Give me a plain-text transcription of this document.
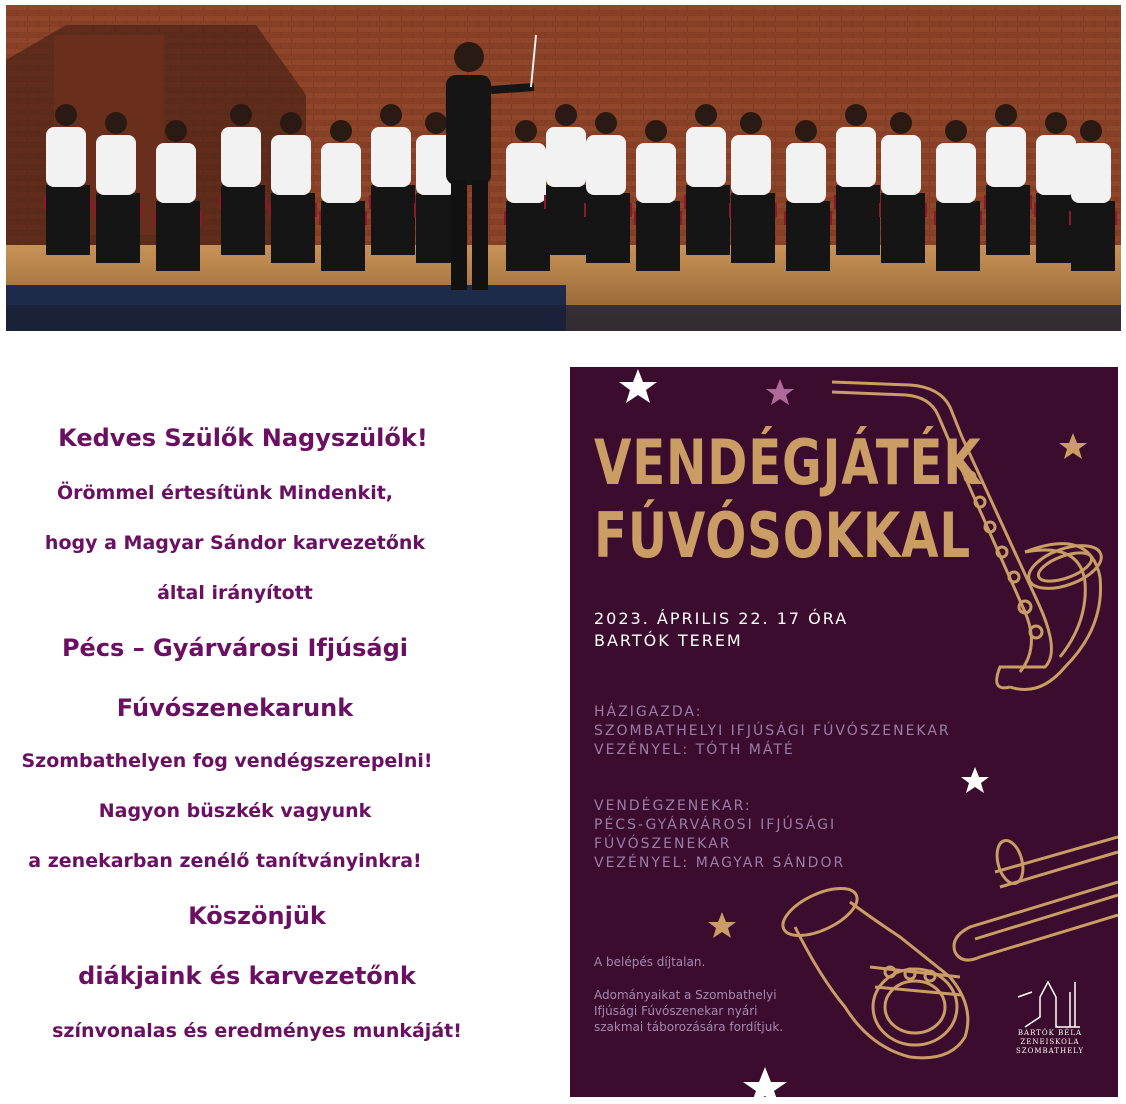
Kedves Szülők Nagyszülők!
Örömmel értesítünk Mindenkit,
hogy a Magyar Sándor karvezetőnk
által irányított
Pécs – Gyárvárosi Ifjúsági
Fúvószenekarunk
Szombathelyen fog vendégszerepelni!
Nagyon büszkék vagyunk
a zenekarban zenélő tanítványinkra!
Köszönjük
diákjaink és karvezetőnk
színvonalas és eredményes munkáját!
VENDÉGJÁTÉK
FÚVÓSOKKAL
2023. ÁPRILIS 22. 17 ÓRA
BARTÓK TEREM
HÁZIGAZDA:
SZOMBATHELYI IFJÚSÁGI FÚVÓSZENEKAR
VEZÉNYEL: TÓTH MÁTÉ
VENDÉGZENEKAR:
PÉCS-GYÁRVÁROSI IFJÚSÁGI
FÚVÓSZENEKAR
VEZÉNYEL: MAGYAR SÁNDOR
A belépés díjtalan.
Adományaikat a Szombathelyi
Ifjúsági Fúvószenekar nyári
szakmai táborozására fordítjuk.	BARTÓK BÉLA
ZENEISKOLA
SZOMBATHELY
